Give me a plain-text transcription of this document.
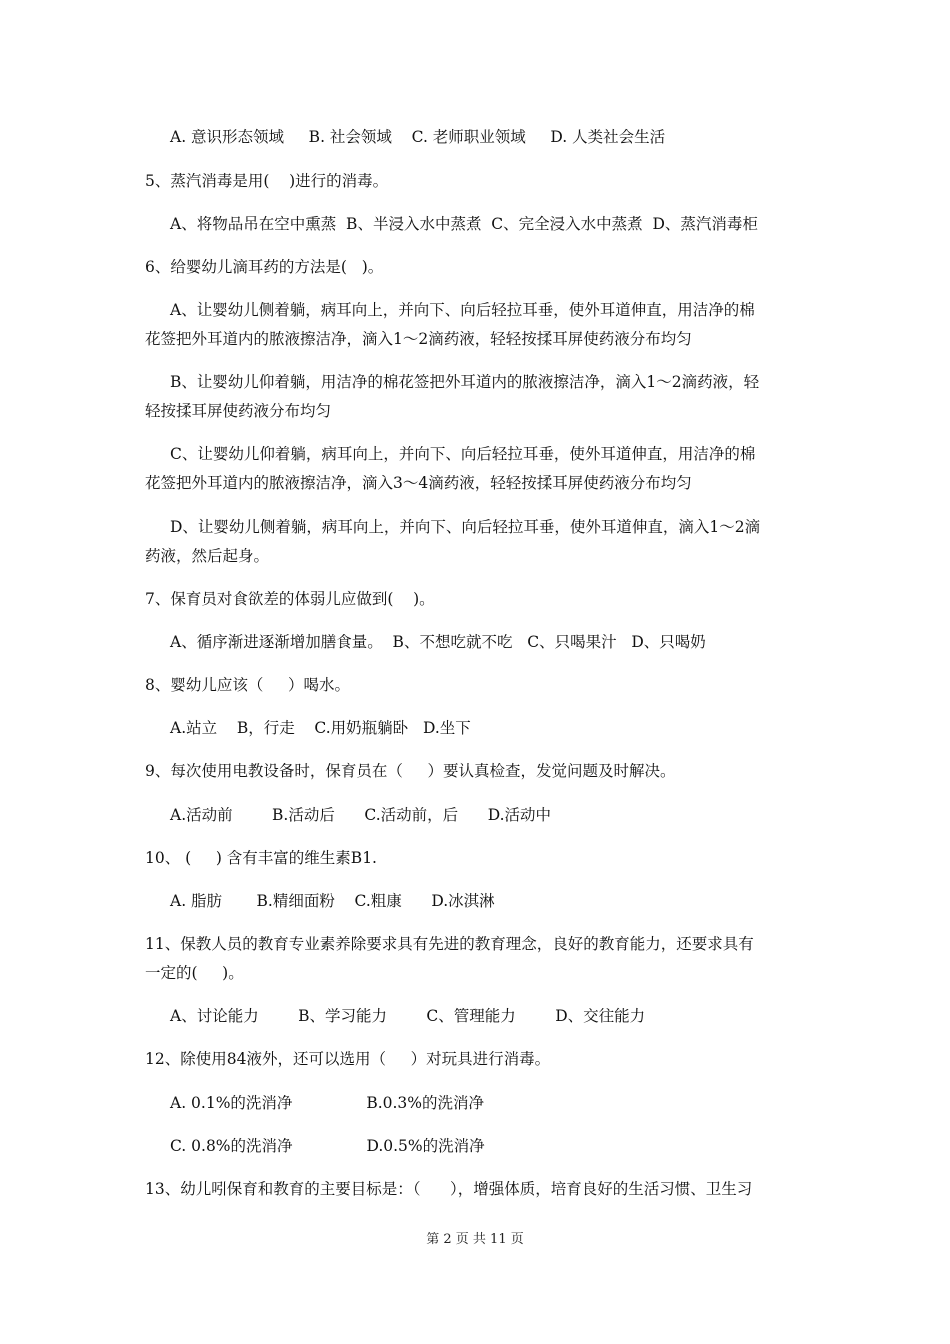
A. 意识形态领域     B. 社会领域    C. 老师职业领域     D. 人类社会生活
5、蒸汽消毒是用(    )进行的消毒。
A、将物品吊在空中熏蒸  B、半浸入水中蒸煮  C、完全浸入水中蒸煮  D、蒸汽消毒柜
6、给婴幼儿滴耳药的方法是(   )。
A、让婴幼儿侧着躺，病耳向上，并向下、向后轻拉耳垂，使外耳道伸直，用洁净的棉
花签把外耳道内的脓液擦洁净，滴入1～2滴药液，轻轻按揉耳屏使药液分布均匀
B、让婴幼儿仰着躺，用洁净的棉花签把外耳道内的脓液擦洁净，滴入1～2滴药液，轻
轻按揉耳屏使药液分布均匀
C、让婴幼儿仰着躺，病耳向上，并向下、向后轻拉耳垂，使外耳道伸直，用洁净的棉
花签把外耳道内的脓液擦洁净，滴入3～4滴药液，轻轻按揉耳屏使药液分布均匀
D、让婴幼儿侧着躺，病耳向上，并向下、向后轻拉耳垂，使外耳道伸直，滴入1～2滴
药液，然后起身。
7、保育员对食欲差的体弱儿应做到(    )。
A、循序渐进逐渐增加膳食量。  B、不想吃就不吃   C、只喝果汁   D、只喝奶
8、婴幼儿应该（     ）喝水。
A.站立    B，行走    C.用奶瓶躺卧   D.坐下
9、每次使用电教设备时，保育员在（     ）要认真检查，发觉问题及时解决。
A.活动前        B.活动后      C.活动前，后      D.活动中
10、 (     ) 含有丰富的维生素B1.
A. 脂肪       B.精细面粉    C.粗康      D.冰淇淋
11、保教人员的教育专业素养除要求具有先进的教育理念，良好的教育能力，还要求具有
一定的(     )。
A、讨论能力        B、学习能力        C、管理能力        D、交往能力
12、除使用84液外，还可以选用（     ）对玩具进行消毒。
A. 0.1%的洗消净               B.0.3%的洗消净
C. 0.8%的洗消净               D.0.5%的洗消净
13、幼儿吲保育和教育的主要目标是：（      ），增强体质，培育良好的生活习惯、卫生习
第 2 页 共 11 页
